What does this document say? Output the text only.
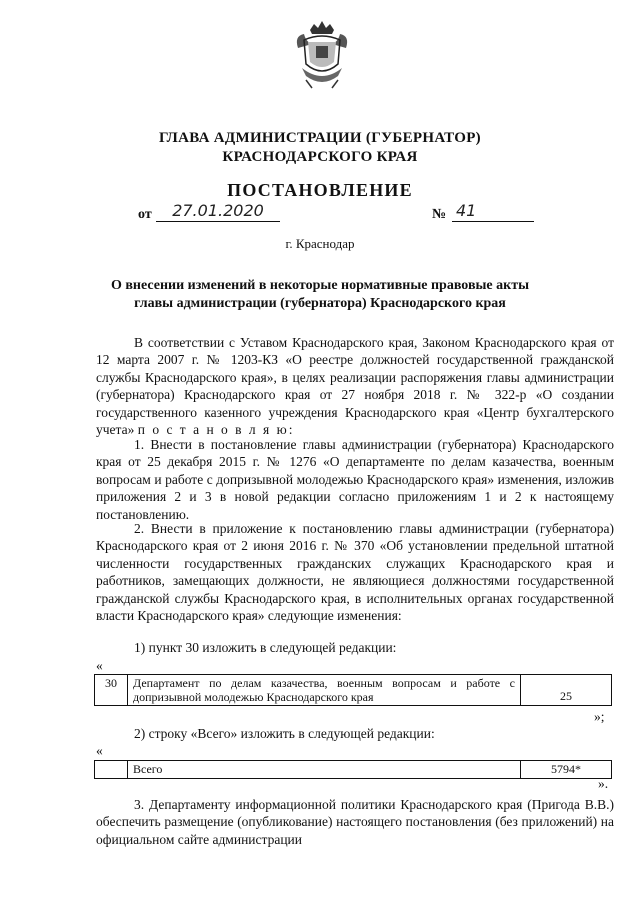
ГЛАВА АДМИНИСТРАЦИИ (ГУБЕРНАТОР)
КРАСНОДАРСКОГО КРАЯ
ПОСТАНОВЛЕНИЕ
от	27.01.2020	№ 41
г. Краснодар
О внесении изменений в некоторые нормативные правовые акты
главы администрации (губернатора) Краснодарского края
В соответствии с Уставом Краснодарского края, Законом Краснодарского края от 12 марта 2007 г. № 1203-КЗ «О реестре должностей государственной гражданской службы Краснодарского края», в целях реализации распоряжения главы администрации (губернатора) Краснодарского края от 27 ноября 2018 г. № 322-р «О создании государственного казенного учреждения Краснодарского края «Центр бухгалтерского учета» п о с т а н о в л я ю:
1. Внести в постановление главы администрации (губернатора) Краснодарского края от 25 декабря 2015 г. № 1276 «О департаменте по делам казачества, военным вопросам и работе с допризывной молодежью Краснодарского края» изменения, изложив приложения 2 и 3 в новой редакции согласно приложениям 1 и 2 к настоящему постановлению.
2. Внести в приложение к постановлению главы администрации (губернатора) Краснодарского края от 2 июня 2016 г. № 370 «Об установлении предельной штатной численности государственных гражданских служащих Краснодарского края и работников, замещающих должности, не являющиеся должностями государственной гражданской службы Краснодарского края, в исполнительных органах государственной власти Краснодарского края» следующие изменения:
1) пункт 30 изложить в следующей редакции:
«
30	Департамент по делам казачества, военным вопросам и работе с допризывной молодежью Краснодарского края	25
»;
2) строку «Всего» изложить в следующей редакции:
«
	Всего	5794*
».
3. Департаменту информационной политики Краснодарского края (Пригода В.В.) обеспечить размещение (опубликование) настоящего постановления (без приложений) на официальном сайте администрации
